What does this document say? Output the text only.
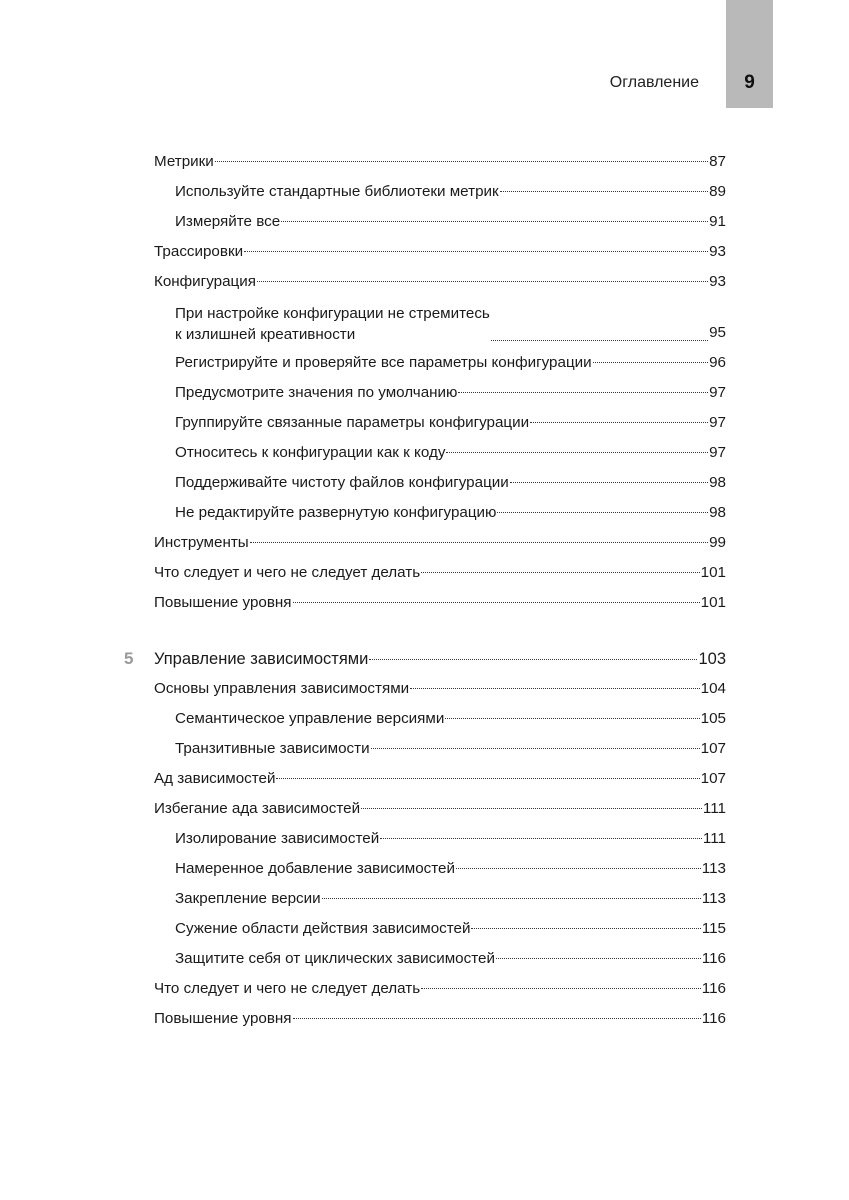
Оглавление	9
Метрики	87
Используйте стандартные библиотеки метрик	89
Измеряйте все	91
Трассировки	93
Конфигурация	93
При настройке конфигурации не стремитесь
к излишней креативности	95
Регистрируйте и проверяйте все параметры конфигурации	96
Предусмотрите значения по умолчанию	97
Группируйте связанные параметры конфигурации	97
Относитесь к конфигурации как к коду	97
Поддерживайте чистоту файлов конфигурации	98
Не редактируйте развернутую конфигурацию	98
Инструменты	99
Что следует и чего не следует делать	101
Повышение уровня	101
5 Управление зависимостями	103
Основы управления зависимостями	104
Семантическое управление версиями	105
Транзитивные зависимости	107
Ад зависимостей	107
Избегание ада зависимостей	111
Изолирование зависимостей	111
Намеренное добавление зависимостей	113
Закрепление версии	113
Сужение области действия зависимостей	115
Защитите себя от циклических зависимостей	116
Что следует и чего не следует делать	116
Повышение уровня	116
